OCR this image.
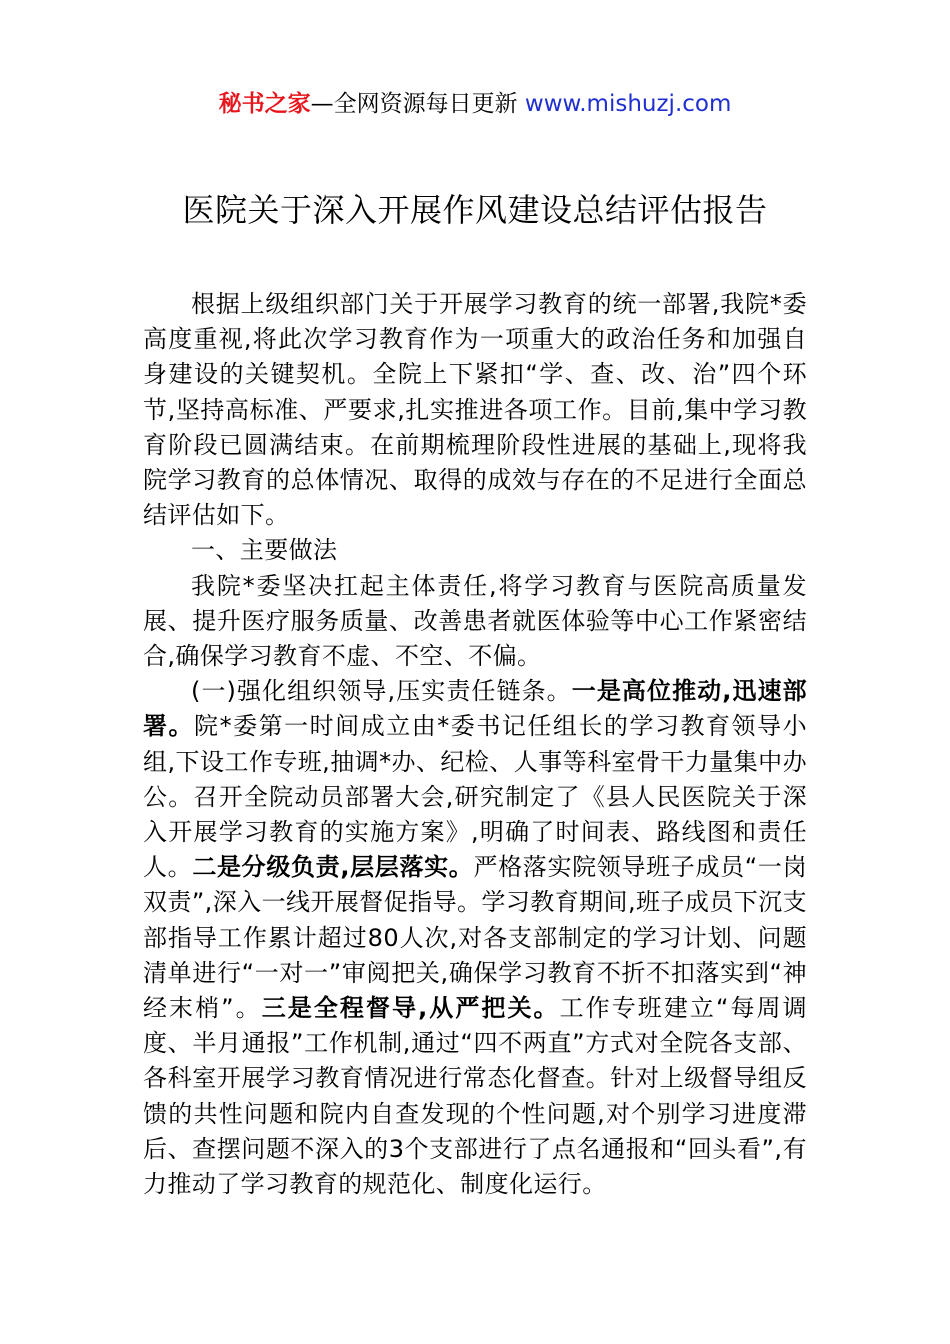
秘书之家—全网资源每日更新 www.mishuzj.com
医院关于深入开展作风建设总结评估报告

根据上级组织部门关于开展学习教育的统一部署,我院*委高度重视,将此次学习教育作为一项重大的政治任务和加强自身建设的关键契机。全院上下紧扣“学、查、改、治”四个环节,坚持高标准、严要求,扎实推进各项工作。目前,集中学习教育阶段已圆满结束。在前期梳理阶段性进展的基础上,现将我院学习教育的总体情况、取得的成效与存在的不足进行全面总结评估如下。

一、主要做法

我院*委坚决扛起主体责任,将学习教育与医院高质量发展、提升医疗服务质量、改善患者就医体验等中心工作紧密结合,确保学习教育不虚、不空、不偏。

(一)强化组织领导,压实责任链条。一是高位推动,迅速部署。院*委第一时间成立由*委书记任组长的学习教育领导小组,下设工作专班,抽调*办、纪检、人事等科室骨干力量集中办公。召开全院动员部署大会,研究制定了《县人民医院关于深入开展学习教育的实施方案》,明确了时间表、路线图和责任人。二是分级负责,层层落实。严格落实院领导班子成员“一岗双责”,深入一线开展督促指导。学习教育期间,班子成员下沉支部指导工作累计超过80人次,对各支部制定的学习计划、问题清单进行“一对一”审阅把关,确保学习教育不折不扣落实到“神经末梢”。三是全程督导,从严把关。工作专班建立“每周调度、半月通报”工作机制,通过“四不两直”方式对全院各支部、各科室开展学习教育情况进行常态化督查。针对上级督导组反馈的共性问题和院内自查发现的个性问题,对个别学习进度滞后、查摆问题不深入的3个支部进行了点名通报和“回头看”,有力推动了学习教育的规范化、制度化运行。
